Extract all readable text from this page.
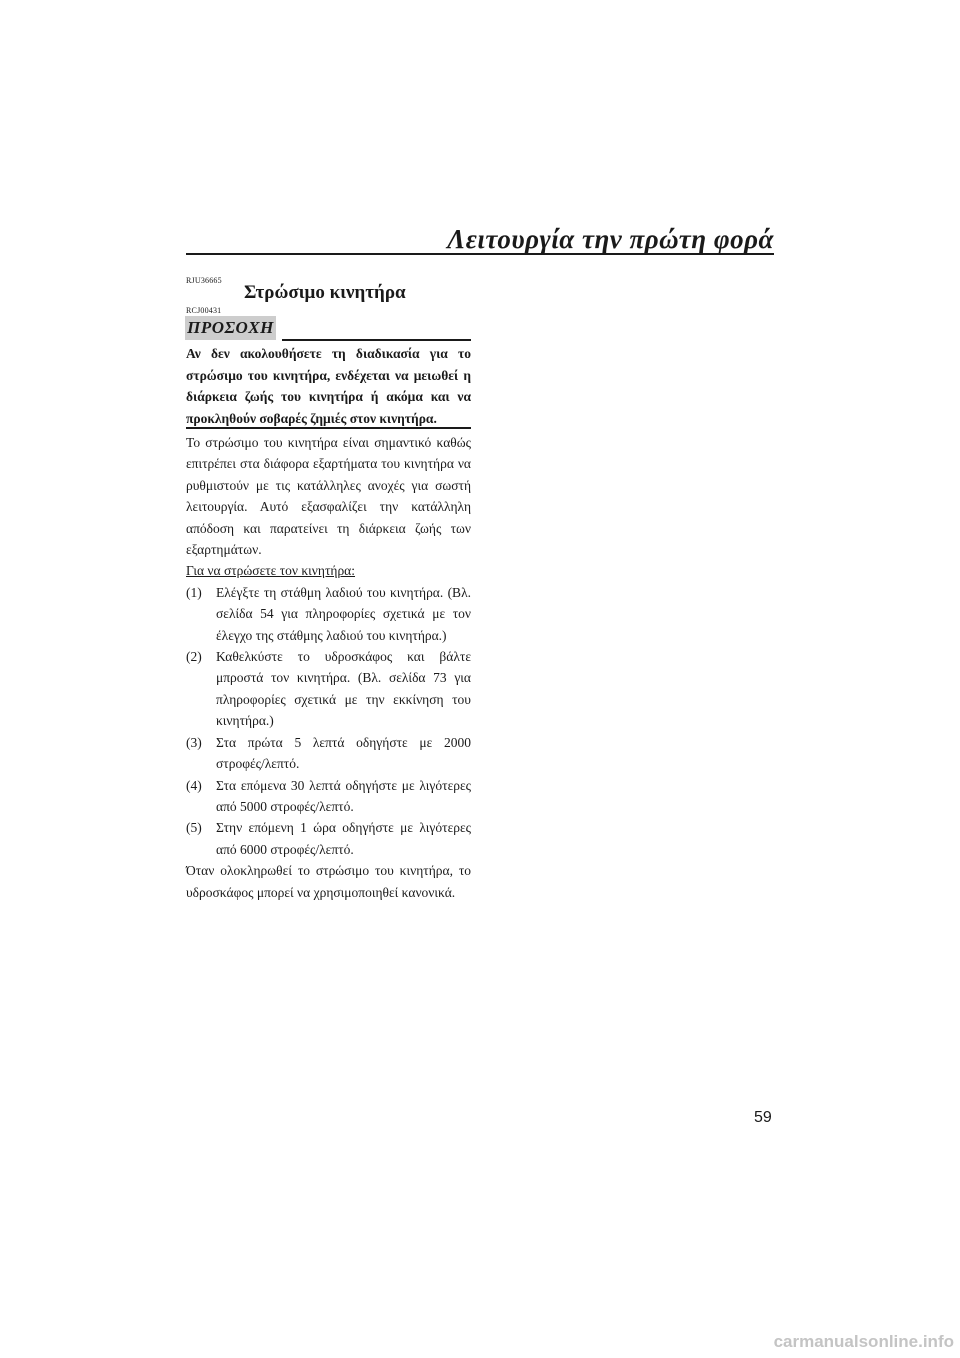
Λειτουργία την πρώτη φορά
RJU36665
Στρώσιμο κινητήρα
RCJ00431
ΠΡΟΣΟΧΗ
Αν δεν ακολουθήσετε τη διαδικασία για το στρώσιμο του κινητήρα, ενδέχεται να μειωθεί η διάρκεια ζωής του κινητήρα ή ακόμα και να προκληθούν σοβαρές ζημιές στον κινητήρα.

Το στρώσιμο του κινητήρα είναι σημαντικό καθώς επιτρέπει στα διάφορα εξαρτήματα του κινητήρα να ρυθμιστούν με τις κατάλληλες ανοχές για σωστή λειτουργία. Αυτό εξασφαλίζει την κατάλληλη απόδοση και παρατείνει τη διάρκεια ζωής των εξαρτημάτων.

Για να στρώσετε τον κινητήρα:

(1)	Ελέγξτε τη στάθμη λαδιού του κινητήρα. (Βλ. σελίδα 54 για πληροφορίες σχετικά με τον έλεγχο της στάθμης λαδιού του κινητήρα.)
(2)	Καθελκύστε το υδροσκάφος και βάλτε μπροστά τον κινητήρα. (Βλ. σελίδα 73 για πληροφορίες σχετικά με την εκκίνηση του κινητήρα.)
(3)	Στα πρώτα 5 λεπτά οδηγήστε με 2000 στροφές/λεπτό.
(4)	Στα επόμενα 30 λεπτά οδηγήστε με λιγότερες από 5000 στροφές/λεπτό.
(5)	Στην επόμενη 1 ώρα οδηγήστε με λιγότερες από 6000 στροφές/λεπτό.

Όταν ολοκληρωθεί το στρώσιμο του κινητήρα, το υδροσκάφος μπορεί να χρησιμοποιηθεί κανονικά.

59
carmanualsonline.info
